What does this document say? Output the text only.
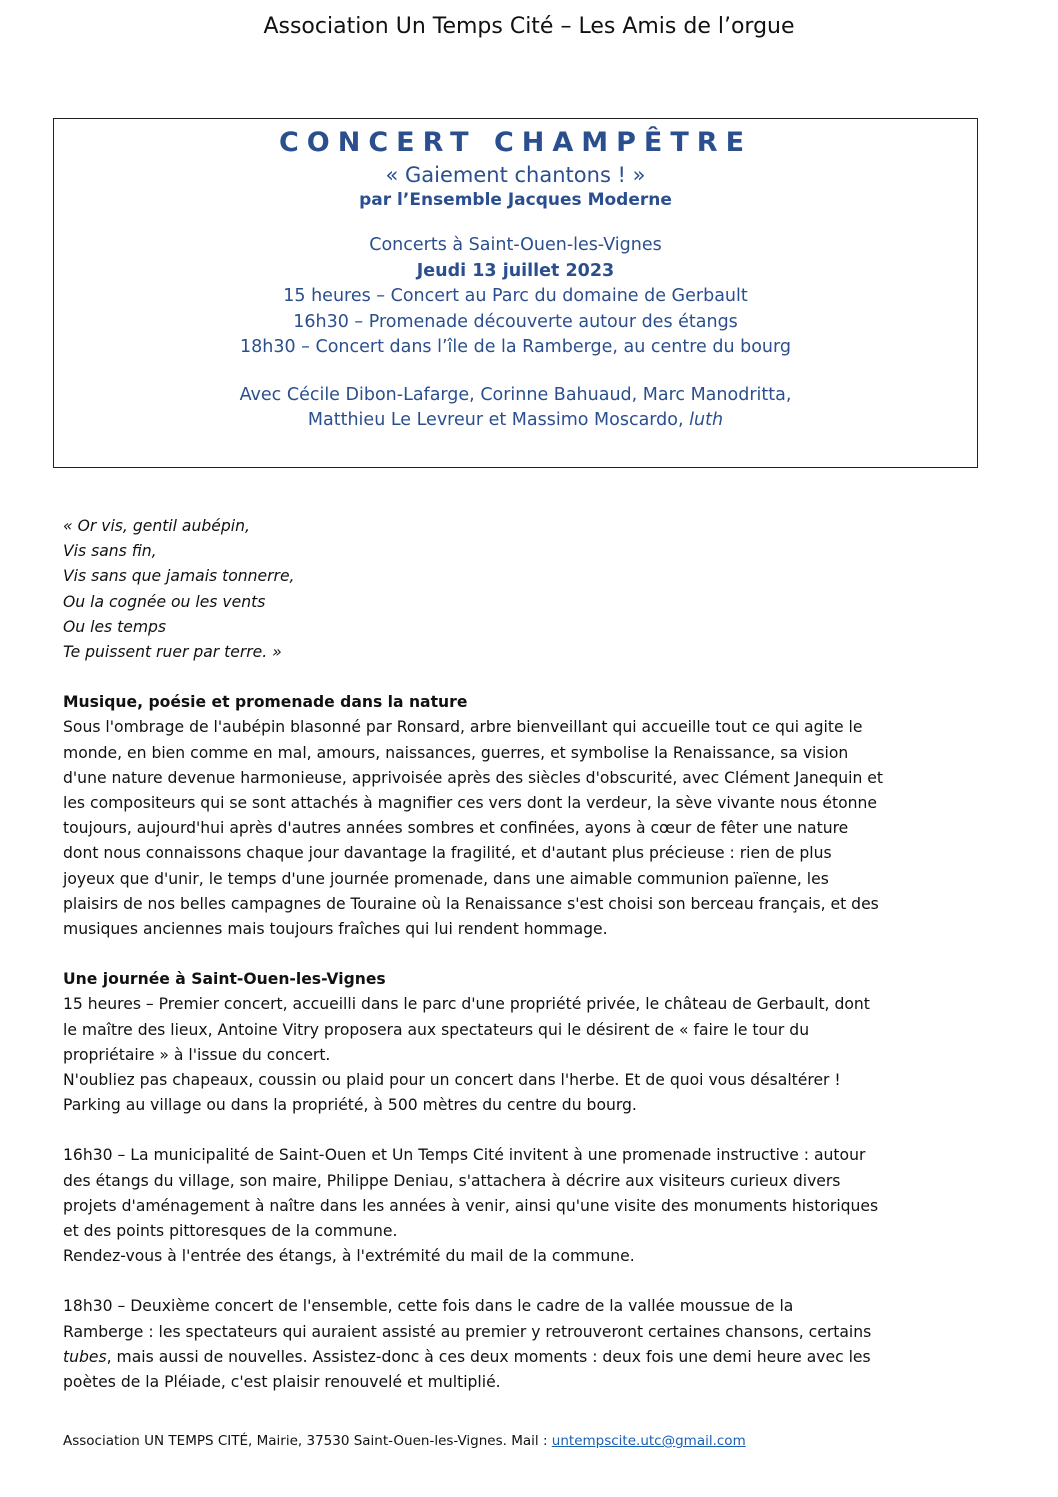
Association Un Temps Cité – Les Amis de l’orgue
CONCERT CHAMPÊTRE
« Gaiement chantons ! »
par l’Ensemble Jacques Moderne
Concerts à Saint-Ouen-les-Vignes
Jeudi 13 juillet 2023
15 heures – Concert au Parc du domaine de Gerbault
16h30 – Promenade découverte autour des étangs
18h30 – Concert dans l’île de la Ramberge, au centre du bourg
Avec Cécile Dibon-Lafarge, Corinne Bahuaud, Marc Manodritta,
Matthieu Le Levreur et Massimo Moscardo, luth

« Or vis, gentil aubépin,

Vis sans fin,

Vis sans que jamais tonnerre,

Ou la cognée ou les vents

Ou les temps

Te puissent ruer par terre. »

Musique, poésie et promenade dans la nature

Sous l'ombrage de l'aubépin blasonné par Ronsard, arbre bienveillant qui accueille tout ce qui agite le

monde, en bien comme en mal, amours, naissances, guerres, et symbolise la Renaissance, sa vision

d'une nature devenue harmonieuse, apprivoisée après des siècles d'obscurité, avec Clément Janequin et

les compositeurs qui se sont attachés à magnifier ces vers dont la verdeur, la sève vivante nous étonne

toujours, aujourd'hui après d'autres années sombres et confinées, ayons à cœur de fêter une nature

dont nous connaissons chaque jour davantage la fragilité, et d'autant plus précieuse : rien de plus

joyeux que d'unir, le temps d'une journée promenade, dans une aimable communion païenne, les

plaisirs de nos belles campagnes de Touraine où la Renaissance s'est choisi son berceau français, et des

musiques anciennes mais toujours fraîches qui lui rendent hommage.

Une journée à Saint-Ouen-les-Vignes

15 heures – Premier concert, accueilli dans le parc d'une propriété privée, le château de Gerbault, dont

le maître des lieux, Antoine Vitry proposera aux spectateurs qui le désirent de « faire le tour du

propriétaire » à l'issue du concert.

N'oubliez pas chapeaux, coussin ou plaid pour un concert dans l'herbe. Et de quoi vous désaltérer !

Parking au village ou dans la propriété, à 500 mètres du centre du bourg.

16h30 – La municipalité de Saint-Ouen et Un Temps Cité invitent à une promenade instructive : autour

des étangs du village, son maire, Philippe Deniau, s'attachera à décrire aux visiteurs curieux divers

projets d'aménagement à naître dans les années à venir, ainsi qu'une visite des monuments historiques

et des points pittoresques de la commune.

Rendez-vous à l'entrée des étangs, à l'extrémité du mail de la commune.

18h30 – Deuxième concert de l'ensemble, cette fois dans le cadre de la vallée moussue de la

Ramberge : les spectateurs qui auraient assisté au premier y retrouveront certaines chansons, certains

tubes, mais aussi de nouvelles. Assistez-donc à ces deux moments : deux fois une demi heure avec les

poètes de la Pléiade, c'est plaisir renouvelé et multiplié.

Association UN TEMPS CITÉ, Mairie, 37530 Saint-Ouen-les-Vignes. Mail : untempscite.utc@gmail.com
